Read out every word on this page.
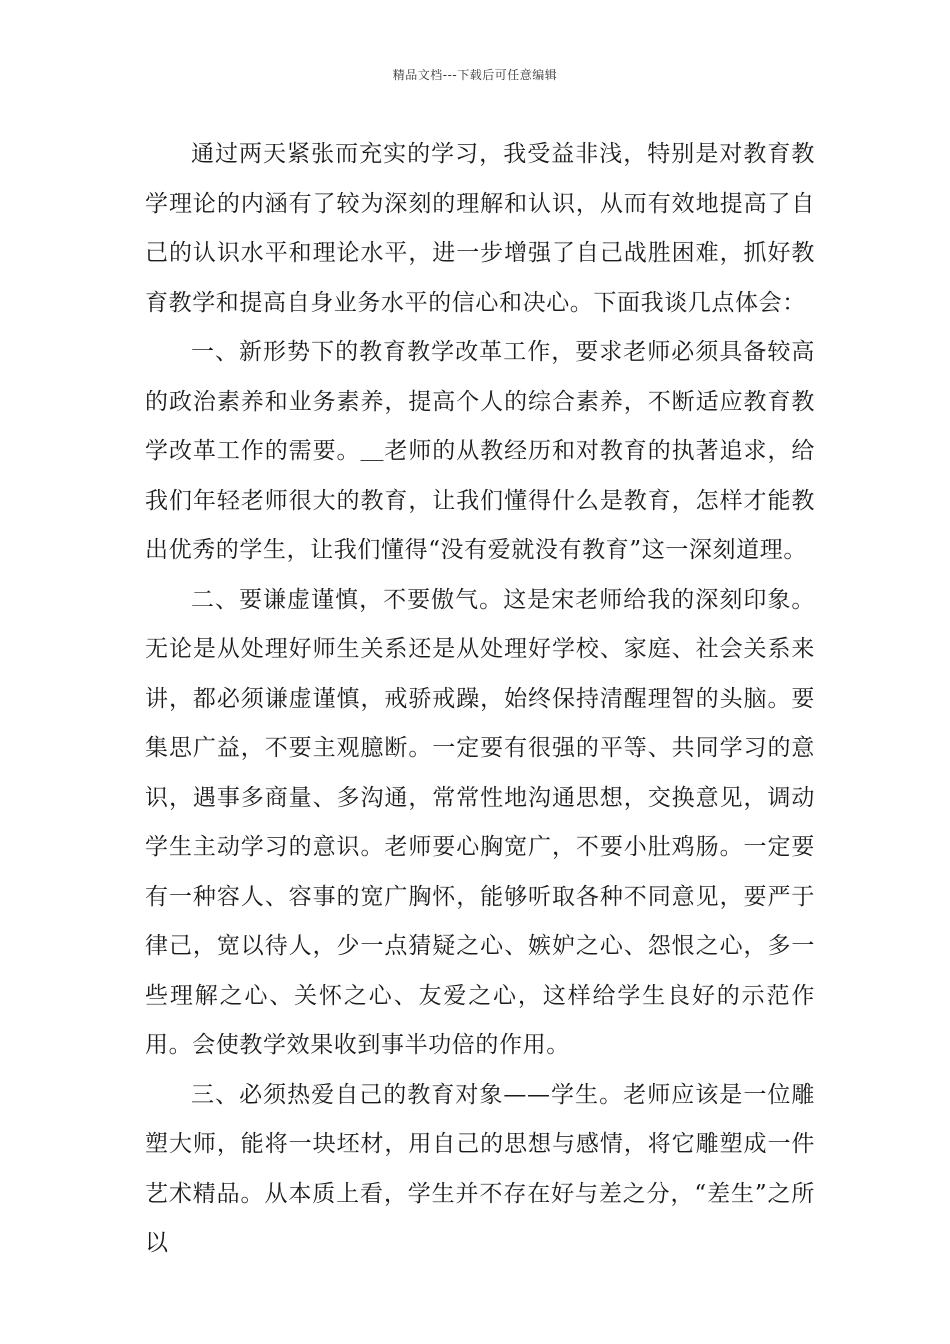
精品文档---下载后可任意编辑

通过两天紧张而充实的学习，我受益非浅，特别是对教育教学理论的内涵有了较为深刻的理解和认识，从而有效地提高了自己的认识水平和理论水平，进一步增强了自己战胜困难，抓好教育教学和提高自身业务水平的信心和决心。下面我谈几点体会：

一、新形势下的教育教学改革工作，要求老师必须具备较高的政治素养和业务素养，提高个人的综合素养，不断适应教育教学改革工作的需要。＿老师的从教经历和对教育的执著追求，给我们年轻老师很大的教育，让我们懂得什么是教育，怎样才能教出优秀的学生，让我们懂得“没有爱就没有教育”这一深刻道理。

二、要谦虚谨慎，不要傲气。这是宋老师给我的深刻印象。无论是从处理好师生关系还是从处理好学校、家庭、社会关系来讲，都必须谦虚谨慎，戒骄戒躁，始终保持清醒理智的头脑。要集思广益，不要主观臆断。一定要有很强的平等、共同学习的意识，遇事多商量、多沟通，常常性地沟通思想，交换意见，调动学生主动学习的意识。老师要心胸宽广，不要小肚鸡肠。一定要有一种容人、容事的宽广胸怀，能够听取各种不同意见，要严于律己，宽以待人，少一点猜疑之心、嫉妒之心、怨恨之心，多一些理解之心、关怀之心、友爱之心，这样给学生良好的示范作用。会使教学效果收到事半功倍的作用。

三、必须热爱自己的教育对象——学生。老师应该是一位雕塑大师，能将一块坯材，用自己的思想与感情，将它雕塑成一件艺术精品。从本质上看，学生并不存在好与差之分，“差生”之所以
